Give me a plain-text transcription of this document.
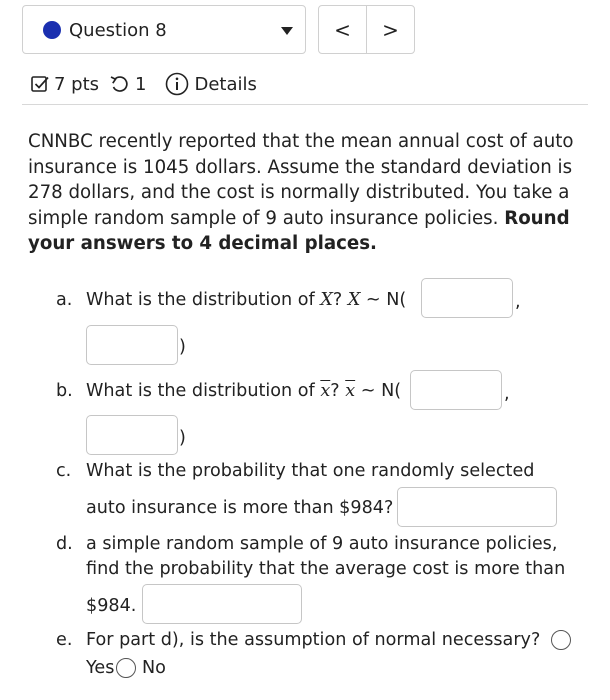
Question 8	<	>
7 pts 1	Details
CNNBC recently reported that the mean annual cost of auto insurance is 1045 dollars. Assume the standard deviation is 278 dollars, and the cost is normally distributed. You take a simple random sample of 9 auto insurance policies. Round your answers to 4 decimal places.
a. What is the distribution of X? X ~ N(	,
)
b. What is the distribution of $\overline{x}$? $\overline{x}$ ~ N(	,
)
c. What is the probability that one randomly selected
auto insurance is more than $984?
d. a simple random sample of 9 auto insurance policies,
find the probability that the average cost is more than
$984.
e. For part d), is the assumption of normal necessary?
Yes No
